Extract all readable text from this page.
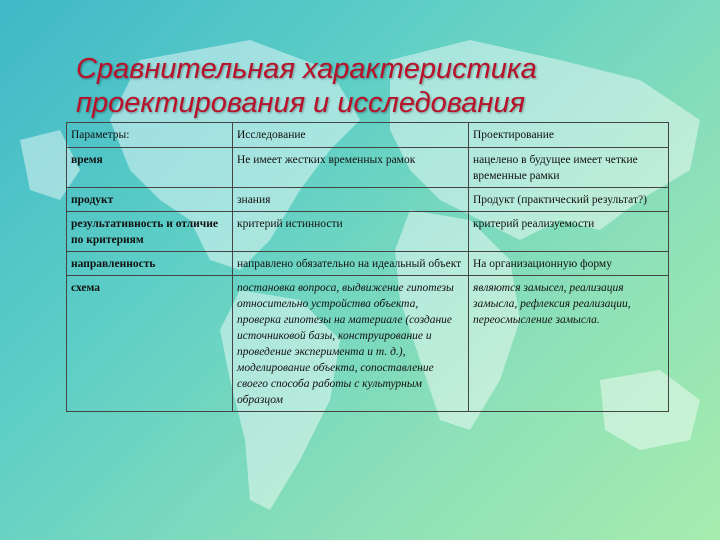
Сравнительная характеристика проектирования и исследования
Параметры:	Исследование	Проектирование
время	Не имеет жестких временных рамок	нацелено в будущее имеет четкие временные рамки
продукт	знания	Продукт (практический результат?)
результативность и отличие по критериям	критерий истинности	критерий реализуемости
направленность	направлено обязательно на идеальный объект	На организационную форму
схема	постановка вопроса, выдвижение гипотезы относительно устройства объекта, проверка гипотезы на материале (создание источниковой базы, конструирование и проведение эксперимента и т. д.), моделирование объекта, сопоставление своего способа работы с культурным образцом	являются замысел, реализация замысла, рефлексия реализации, переосмысление замысла.
